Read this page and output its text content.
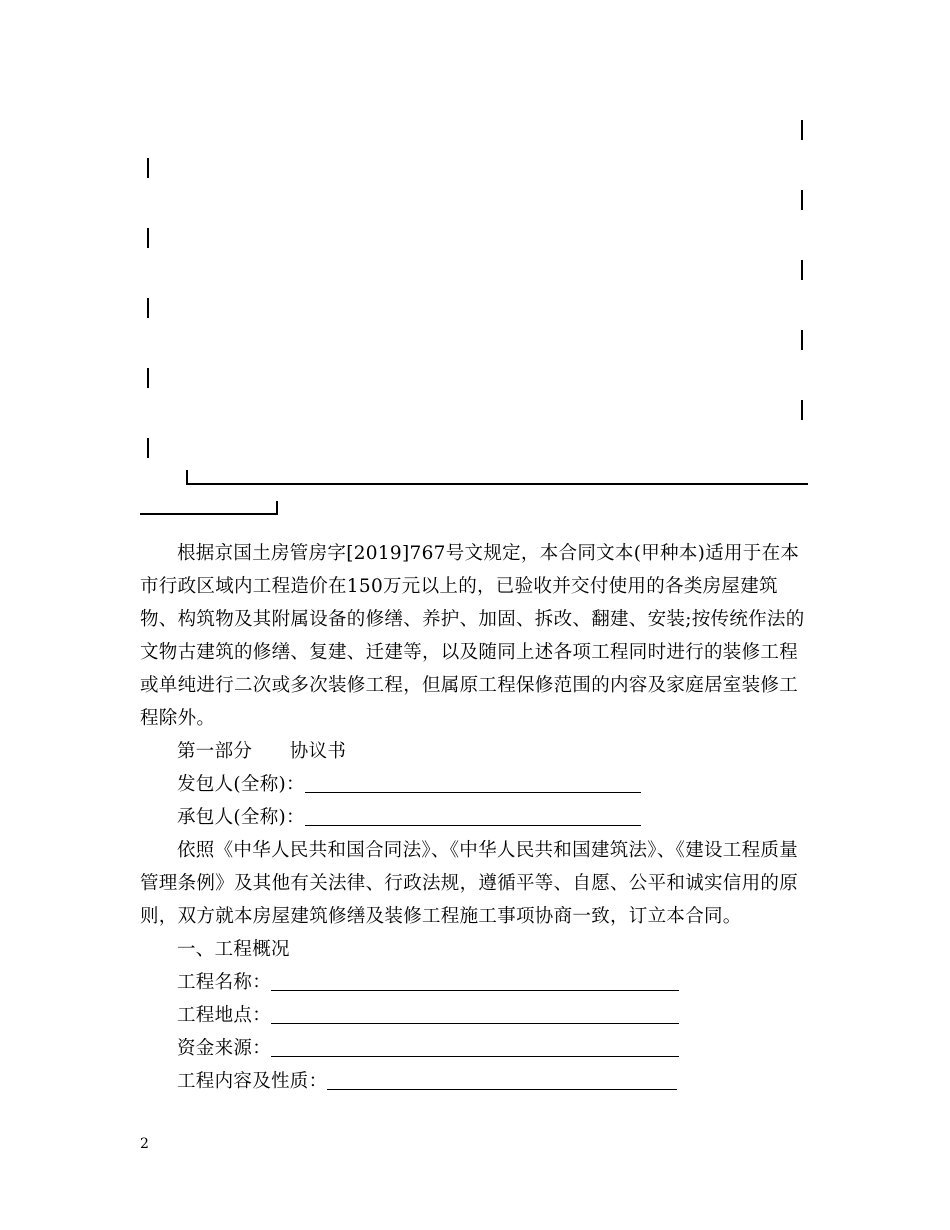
根据京国土房管房字[2019]767号文规定，本合同文本(甲种本)适用于在本市行政区域内工程造价在150万元以上的，已验收并交付使用的各类房屋建筑物、构筑物及其附属设备的修缮、养护、加固、拆改、翻建、安装;按传统作法的文物古建筑的修缮、复建、迁建等，以及随同上述各项工程同时进行的装修工程或单纯进行二次或多次装修工程，但属原工程保修范围的内容及家庭居室装修工程除外。

第一部分　　协议书

发包人(全称)：

承包人(全称)：

依照《中华人民共和国合同法》、《中华人民共和国建筑法》、《建设工程质量管理条例》及其他有关法律、行政法规，遵循平等、自愿、公平和诚实信用的原则，双方就本房屋建筑修缮及装修工程施工事项协商一致，订立本合同。

一、工程概况

工程名称：

工程地点：

资金来源：

工程内容及性质：

2
